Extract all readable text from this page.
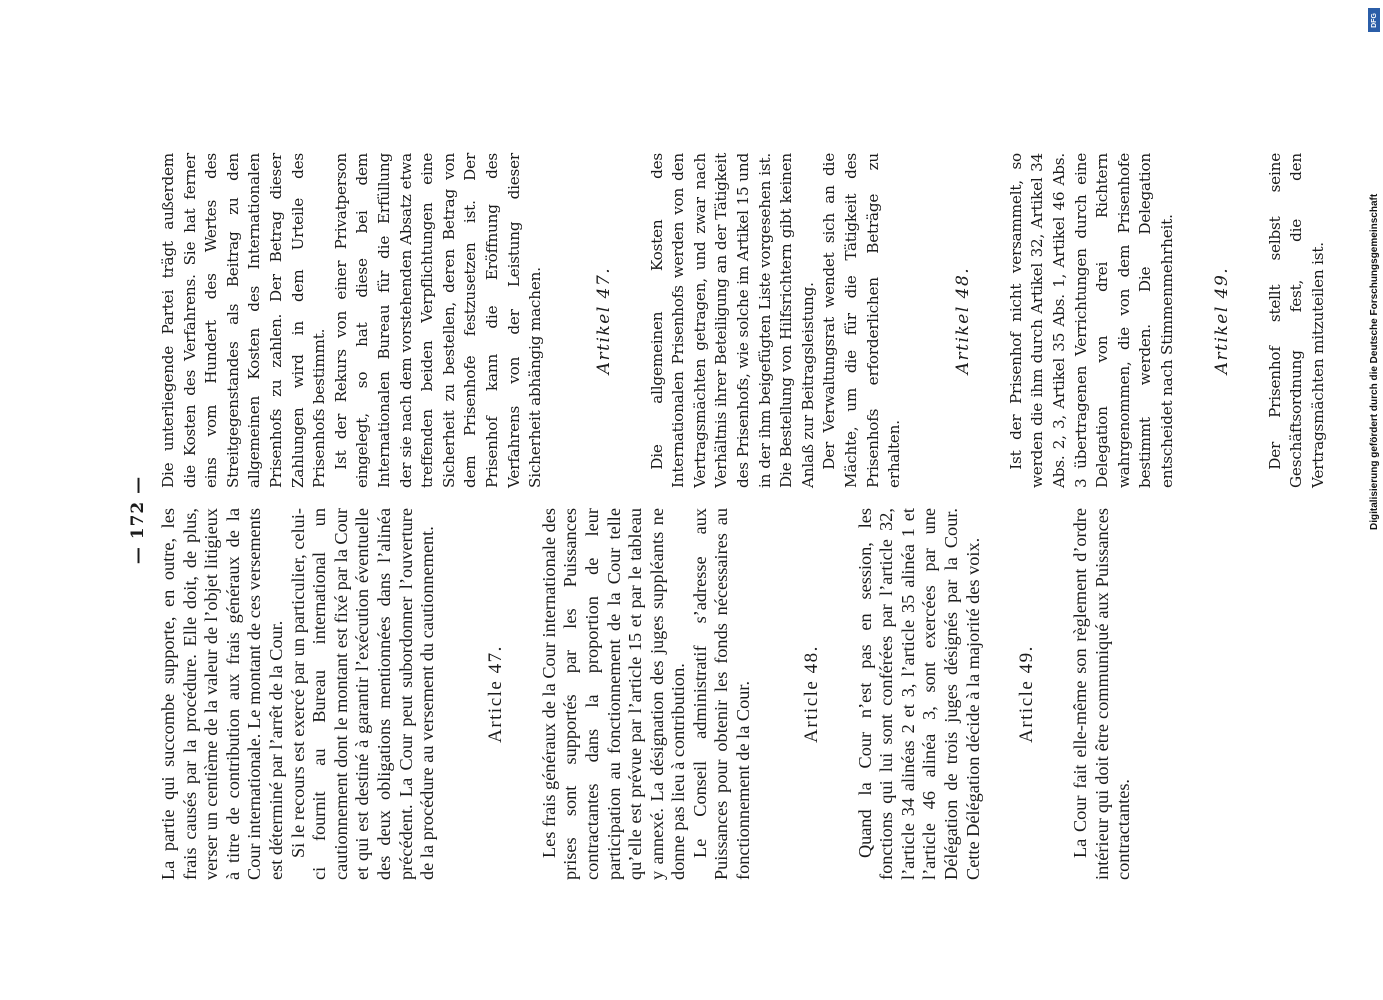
— 172 — La partie qui succombe supporte, en outre, les frais causés par la procédure. Elle doit, de plus, verser un centième de la valeur de l’objet litigieux à titre de contribution aux frais généraux de la Cour internationale. Le montant de ces versements est déterminé par l’arrêt de la Cour. Si le recours est exercé par un particulier, celui-ci fournit au Bureau international un cautionnement dont le montant est fixé par la Cour et qui est destiné à garantir l’exécution éventuelle des deux obligations mentionnées dans l’alinéa précédent. La Cour peut subordonner l’ouverture de la procédure au versement du cautionnement.	Article 47.	Les frais généraux de la Cour internationale des prises sont supportés par les Puissances contractantes dans la proportion de leur participation au fonctionnement de la Cour telle qu’elle est prévue par l’article 15 et par le tableau y annexé. La désignation des juges suppléants ne donne pas lieu à contribution. Le Conseil administratif s’adresse aux Puissances pour obtenir les fonds nécessaires au fonctionnement de la Cour.	Article 48.	Quand la Cour n’est pas en session, les fonctions qui lui sont conférées par l’article 32, l’article 34 alinéas 2 et 3, l’article 35 alinéa 1 et l’article 46 alinéa 3, sont exercées par une Délégation de trois juges désignés par la Cour. Cette Délégation décide à la majorité des voix.	Article 49.	La Cour fait elle-même son règlement d’ordre intérieur qui doit être communiqué aux Puissances contractantes.

Die unterliegende Partei trägt außerdem die Kosten des Verfahrens. Sie hat ferner eins vom Hundert des Wertes des Streitgegenstandes als Beitrag zu den allgemeinen Kosten des Internationalen Prisenhofs zu zahlen. Der Betrag dieser Zahlungen wird in dem Urteile des Prisenhofs bestimmt. Ist der Rekurs von einer Privatperson eingelegt, so hat diese bei dem Internationalen Bureau für die Erfüllung der sie nach dem vorstehenden Absatz etwa treffenden beiden Verpflichtungen eine Sicherheit zu bestellen, deren Betrag von dem Prisenhofe festzusetzen ist. Der Prisenhof kann die Eröffnung des Verfahrens von der Leistung dieser Sicherheit abhängig machen.	Artikel 47.	Die allgemeinen Kosten des Internationalen Prisenhofs werden von den Vertragsmächten getragen, und zwar nach Verhältnis ihrer Beteiligung an der Tätigkeit des Prisenhofs, wie solche im Artikel 15 und in der ihm beigefügten Liste vorgesehen ist. Die Bestellung von Hilfsrichtern gibt keinen Anlaß zur Beitragsleistung. Der Verwaltungsrat wendet sich an die Mächte, um die für die Tätigkeit des Prisenhofs erforderlichen Beträge zu erhalten.

Artikel 48.	Ist der Prisenhof nicht versammelt, so werden die ihm durch Artikel 32, Artikel 34 Abs. 2, 3, Artikel 35 Abs. 1, Artikel 46 Abs. 3 übertragenen Verrichtungen durch eine Delegation von drei Richtern wahrgenommen, die von dem Prisenhofe bestimmt werden. Die Delegation entscheidet nach Stimmenmehrheit.	Artikel 49.	Der Prisenhof stellt selbst seine Geschäftsordnung fest, die den Vertragsmächten mitzuteilen ist.

DFG
Digitalisierung gefördert durch die Deutsche Forschungsgemeinschaft
